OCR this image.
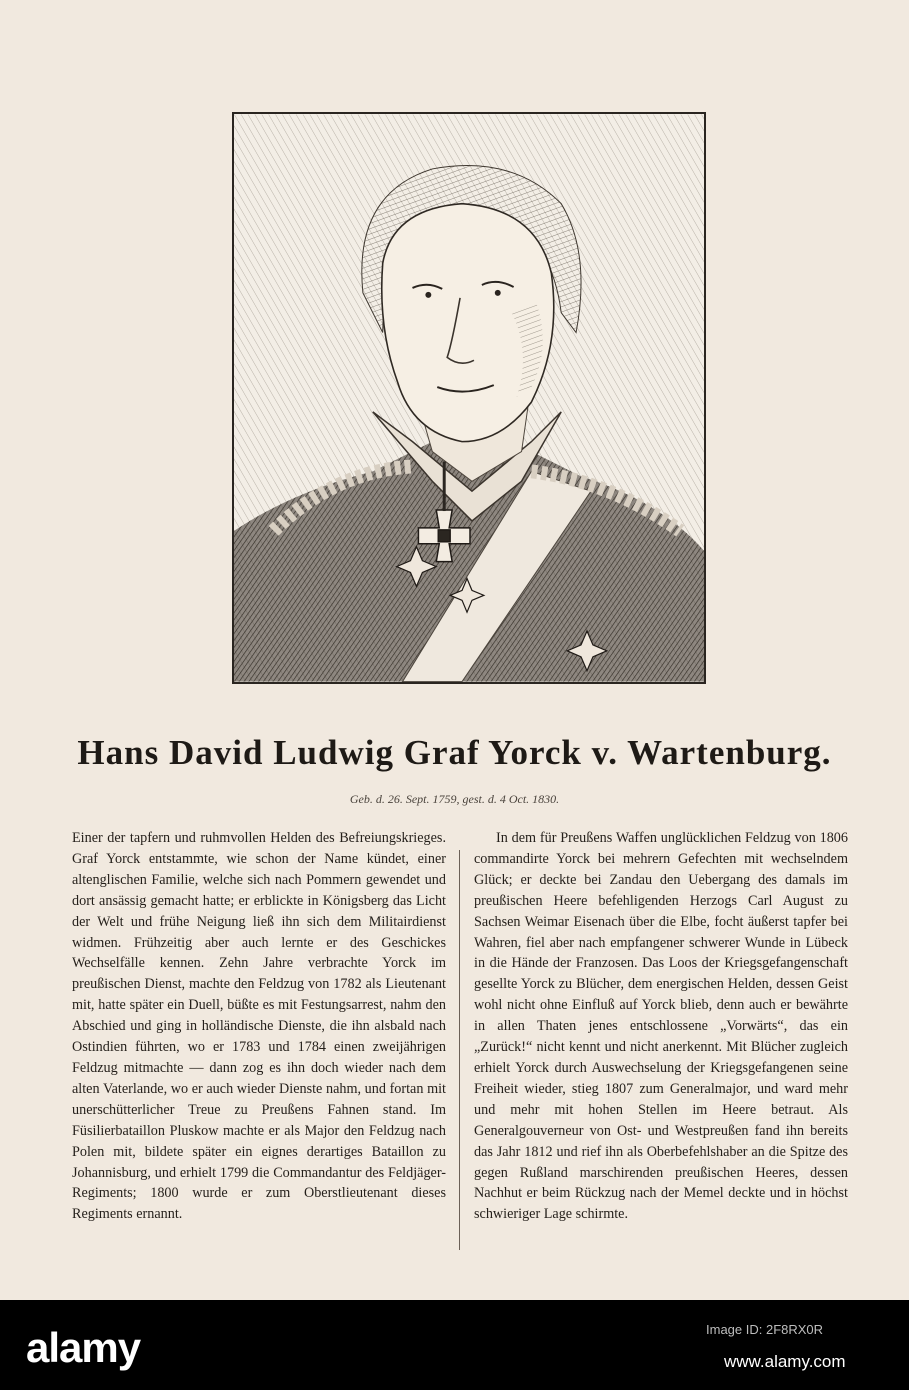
Hans David Ludwig Graf Yorck v. Wartenburg.
Geb. d. 26. Sept. 1759, gest. d. 4 Oct. 1830.

Einer der tapfern und ruhmvollen Helden des Befreiungskrieges. Graf Yorck entstammte, wie schon der Name kündet, einer altenglischen Familie, welche sich nach Pommern gewendet und dort ansässig gemacht hatte; er erblickte in Königsberg das Licht der Welt und frühe Neigung ließ ihn sich dem Militairdienst widmen. Frühzeitig aber auch lernte er des Geschickes Wechselfälle kennen. Zehn Jahre verbrachte Yorck im preußischen Dienst, machte den Feldzug von 1782 als Lieutenant mit, hatte später ein Duell, büßte es mit Festungsarrest, nahm den Abschied und ging in holländische Dienste, die ihn alsbald nach Ostindien führten, wo er 1783 und 1784 einen zweijährigen Feldzug mitmachte — dann zog es ihn doch wieder nach dem alten Vaterlande, wo er auch wieder Dienste nahm, und fortan mit unerschütterlicher Treue zu Preußens Fahnen stand. Im Füsilierbataillon Pluskow machte er als Major den Feldzug nach Polen mit, bildete später ein eignes derartiges Bataillon zu Johannisburg, und erhielt 1799 die Commandantur des Feldjäger-Regiments; 1800 wurde er zum Oberstlieutenant dieses Regiments ernannt.

In dem für Preußens Waffen unglücklichen Feldzug von 1806 commandirte Yorck bei mehrern Gefechten mit wechselndem Glück; er deckte bei Zandau den Uebergang des damals im preußischen Heere befehligenden Herzogs Carl August zu Sachsen Weimar Eisenach über die Elbe, focht äußerst tapfer bei Wahren, fiel aber nach empfangener schwerer Wunde in Lübeck in die Hände der Franzosen. Das Loos der Kriegsgefangenschaft gesellte Yorck zu Blücher, dem energischen Helden, dessen Geist wohl nicht ohne Einfluß auf Yorck blieb, denn auch er bewährte in allen Thaten jenes entschlossene „Vorwärts“, das ein „Zurück!“ nicht kennt und nicht anerkennt. Mit Blücher zugleich erhielt Yorck durch Auswechselung der Kriegsgefangenen seine Freiheit wieder, stieg 1807 zum Generalmajor, und ward mehr und mehr mit hohen Stellen im Heere betraut. Als Generalgouverneur von Ost- und Westpreußen fand ihn bereits das Jahr 1812 und rief ihn als Oberbefehlshaber an die Spitze des gegen Rußland marschirenden preußischen Heeres, dessen Nachhut er beim Rückzug nach der Memel deckte und in höchst schwieriger Lage schirmte.

alamy	Image ID: 2F8RX0R
www.alamy.com
